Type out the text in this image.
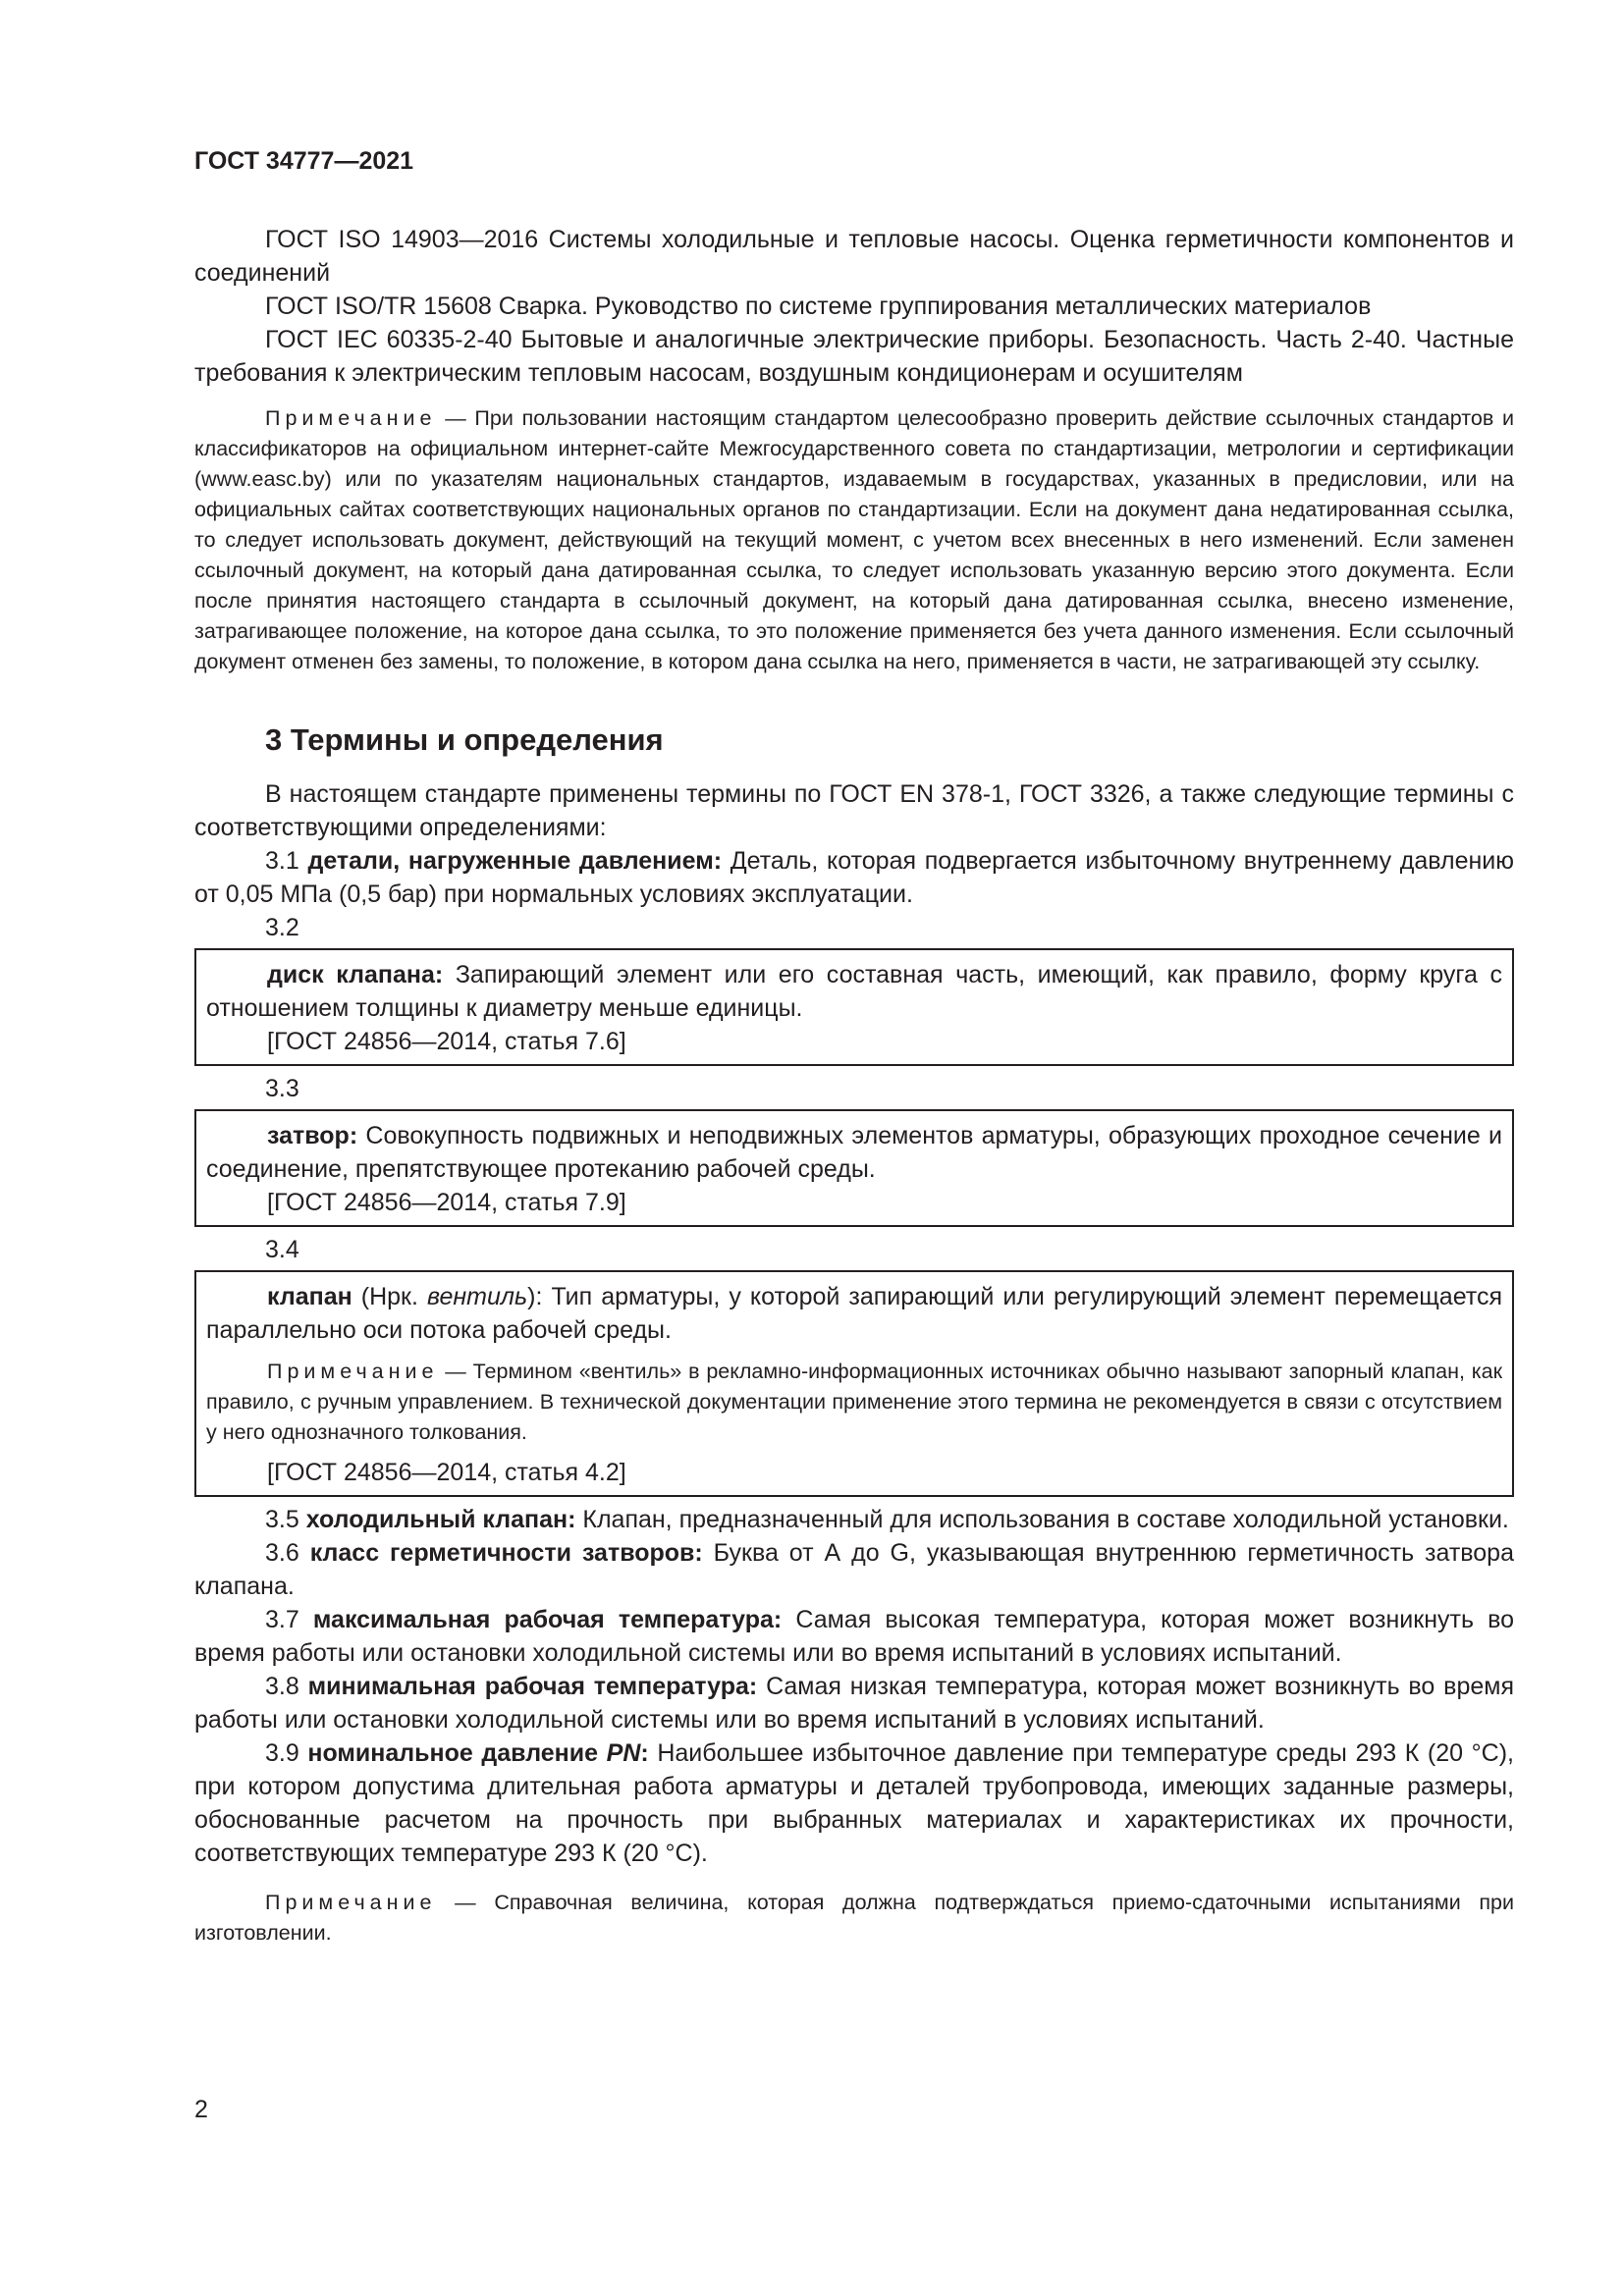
ГОСТ 34777—2021

ГОСТ ISO 14903—2016 Системы холодильные и тепловые насосы. Оценка герметичности компонентов и соединений

ГОСТ ISO/TR 15608 Сварка. Руководство по системе группирования металлических материалов

ГОСТ IEC 60335-2-40 Бытовые и аналогичные электрические приборы. Безопасность. Часть 2-40. Частные требования к электрическим тепловым насосам, воздушным кондиционерам и осушителям

Примечание — При пользовании настоящим стандартом целесообразно проверить действие ссылочных стандартов и классификаторов на официальном интернет-сайте Межгосударственного совета по стандартизации, метрологии и сертификации (www.easc.by) или по указателям национальных стандартов, издаваемым в государствах, указанных в предисловии, или на официальных сайтах соответствующих национальных органов по стандартизации. Если на документ дана недатированная ссылка, то следует использовать документ, действующий на текущий момент, с учетом всех внесенных в него изменений. Если заменен ссылочный документ, на который дана датированная ссылка, то следует использовать указанную версию этого документа. Если после принятия настоящего стандарта в ссылочный документ, на который дана датированная ссылка, внесено изменение, затрагивающее положение, на которое дана ссылка, то это положение применяется без учета данного изменения. Если ссылочный документ отменен без замены, то положение, в котором дана ссылка на него, применяется в части, не затрагивающей эту ссылку.

3 Термины и определения

В настоящем стандарте применены термины по ГОСТ EN 378-1, ГОСТ 3326, а также следующие термины с соответствующими определениями:

3.1 детали, нагруженные давлением: Деталь, которая подвергается избыточному внутреннему давлению от 0,05 МПа (0,5 бар) при нормальных условиях эксплуатации.

3.2

диск клапана: Запирающий элемент или его составная часть, имеющий, как правило, форму круга с отношением толщины к диаметру меньше единицы.

[ГОСТ 24856—2014, статья 7.6]

3.3

затвор: Совокупность подвижных и неподвижных элементов арматуры, образующих проходное сечение и соединение, препятствующее протеканию рабочей среды.

[ГОСТ 24856—2014, статья 7.9]

3.4

клапан (Нрк. вентиль): Тип арматуры, у которой запирающий или регулирующий элемент перемещается параллельно оси потока рабочей среды.

Примечание — Термином «вентиль» в рекламно-информационных источниках обычно называют запорный клапан, как правило, с ручным управлением. В технической документации применение этого термина не рекомендуется в связи с отсутствием у него однозначного толкования.

[ГОСТ 24856—2014, статья 4.2]

3.5 холодильный клапан: Клапан, предназначенный для использования в составе холодильной установки.

3.6 класс герметичности затворов: Буква от А до G, указывающая внутреннюю герметичность затвора клапана.

3.7 максимальная рабочая температура: Самая высокая температура, которая может возникнуть во время работы или остановки холодильной системы или во время испытаний в условиях испытаний.

3.8 минимальная рабочая температура: Самая низкая температура, которая может возникнуть во время работы или остановки холодильной системы или во время испытаний в условиях испытаний.

3.9 номинальное давление PN: Наибольшее избыточное давление при температуре среды 293 К (20 °С), при котором допустима длительная работа арматуры и деталей трубопровода, имеющих заданные размеры, обоснованные расчетом на прочность при выбранных материалах и характеристиках их прочности, соответствующих температуре 293 К (20 °С).

Примечание — Справочная величина, которая должна подтверждаться приемо-сдаточными испытаниями при изготовлении.

2
